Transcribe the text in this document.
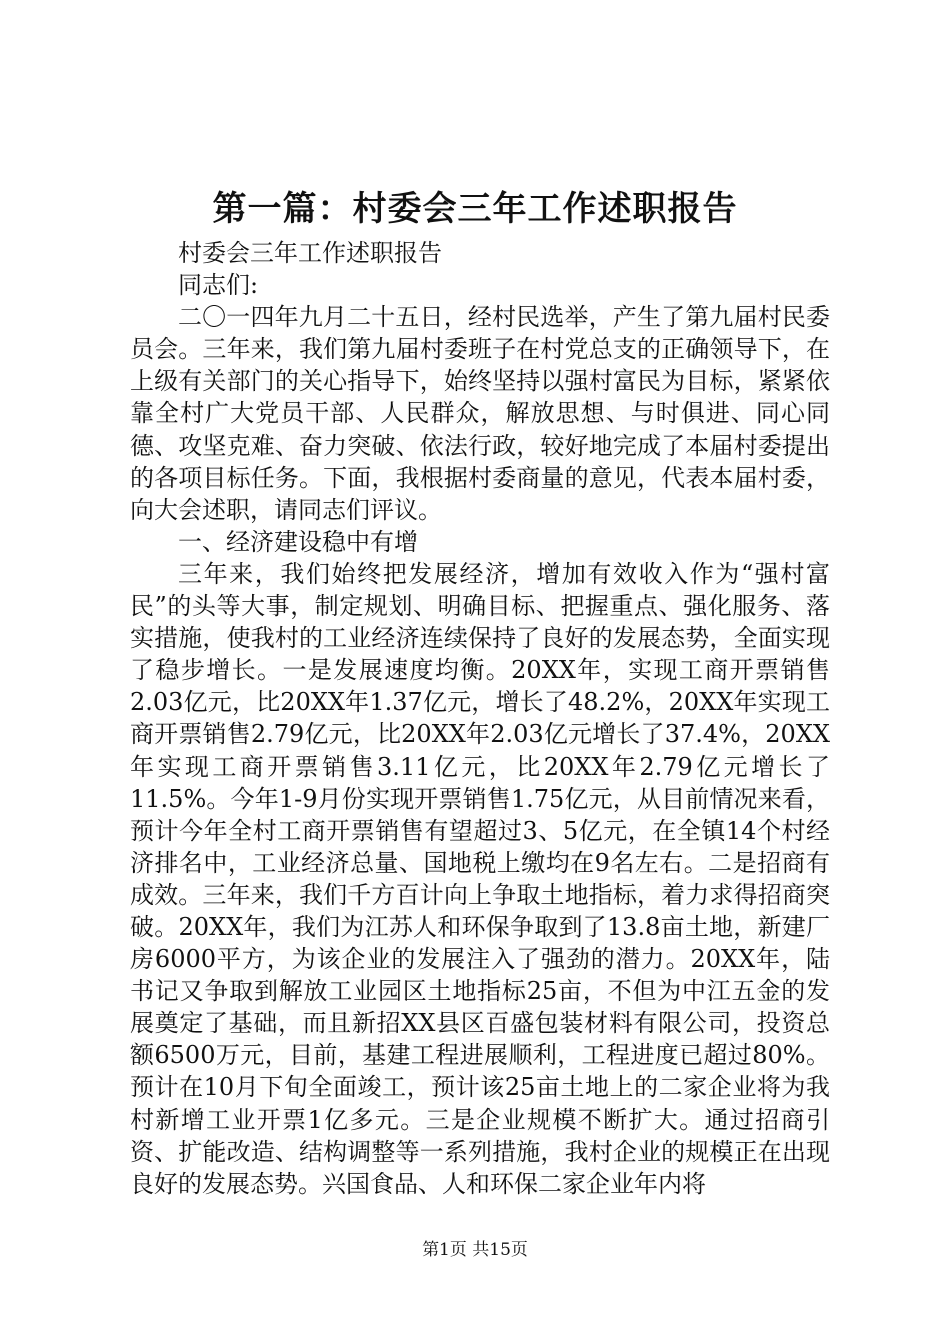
第一篇：村委会三年工作述职报告

村委会三年工作述职报告

同志们:

二〇一四年九月二十五日，经村民选举，产生了第九届村民委员会。三年来，我们第九届村委班子在村党总支的正确领导下，在上级有关部门的关心指导下，始终坚持以强村富民为目标，紧紧依靠全村广大党员干部、人民群众，解放思想、与时俱进、同心同德、攻坚克难、奋力突破、依法行政，较好地完成了本届村委提出的各项目标任务。下面，我根据村委商量的意见，代表本届村委，向大会述职，请同志们评议。

一、经济建设稳中有增

三年来，我们始终把发展经济，增加有效收入作为“强村富民”的头等大事，制定规划、明确目标、把握重点、强化服务、落实措施，使我村的工业经济连续保持了良好的发展态势，全面实现了稳步增长。一是发展速度均衡。20XX年，实现工商开票销售2.03亿元，比20XX年1.37亿元，增长了48.2%，20XX年实现工商开票销售2.79亿元，比20XX年2.03亿元增长了37.4%，20XX年实现工商开票销售3.11亿元，比20XX年2.79亿元增长了11.5%。今年1-9月份实现开票销售1.75亿元，从目前情况来看，预计今年全村工商开票销售有望超过3、5亿元，在全镇14个村经济排名中，工业经济总量、国地税上缴均在9名左右。二是招商有成效。三年来，我们千方百计向上争取土地指标，着力求得招商突破。20XX年，我们为江苏人和环保争取到了13.8亩土地，新建厂房6000平方，为该企业的发展注入了强劲的潜力。20XX年，陆书记又争取到解放工业园区土地指标25亩，不但为中江五金的发展奠定了基础，而且新招XX县区百盛包装材料有限公司，投资总额6500万元，目前，基建工程进展顺利，工程进度已超过80%。预计在10月下旬全面竣工，预计该25亩土地上的二家企业将为我村新增工业开票1亿多元。三是企业规模不断扩大。通过招商引资、扩能改造、结构调整等一系列措施，我村企业的规模正在出现良好的发展态势。兴国食品、人和环保二家企业年内将

第1页 共15页
